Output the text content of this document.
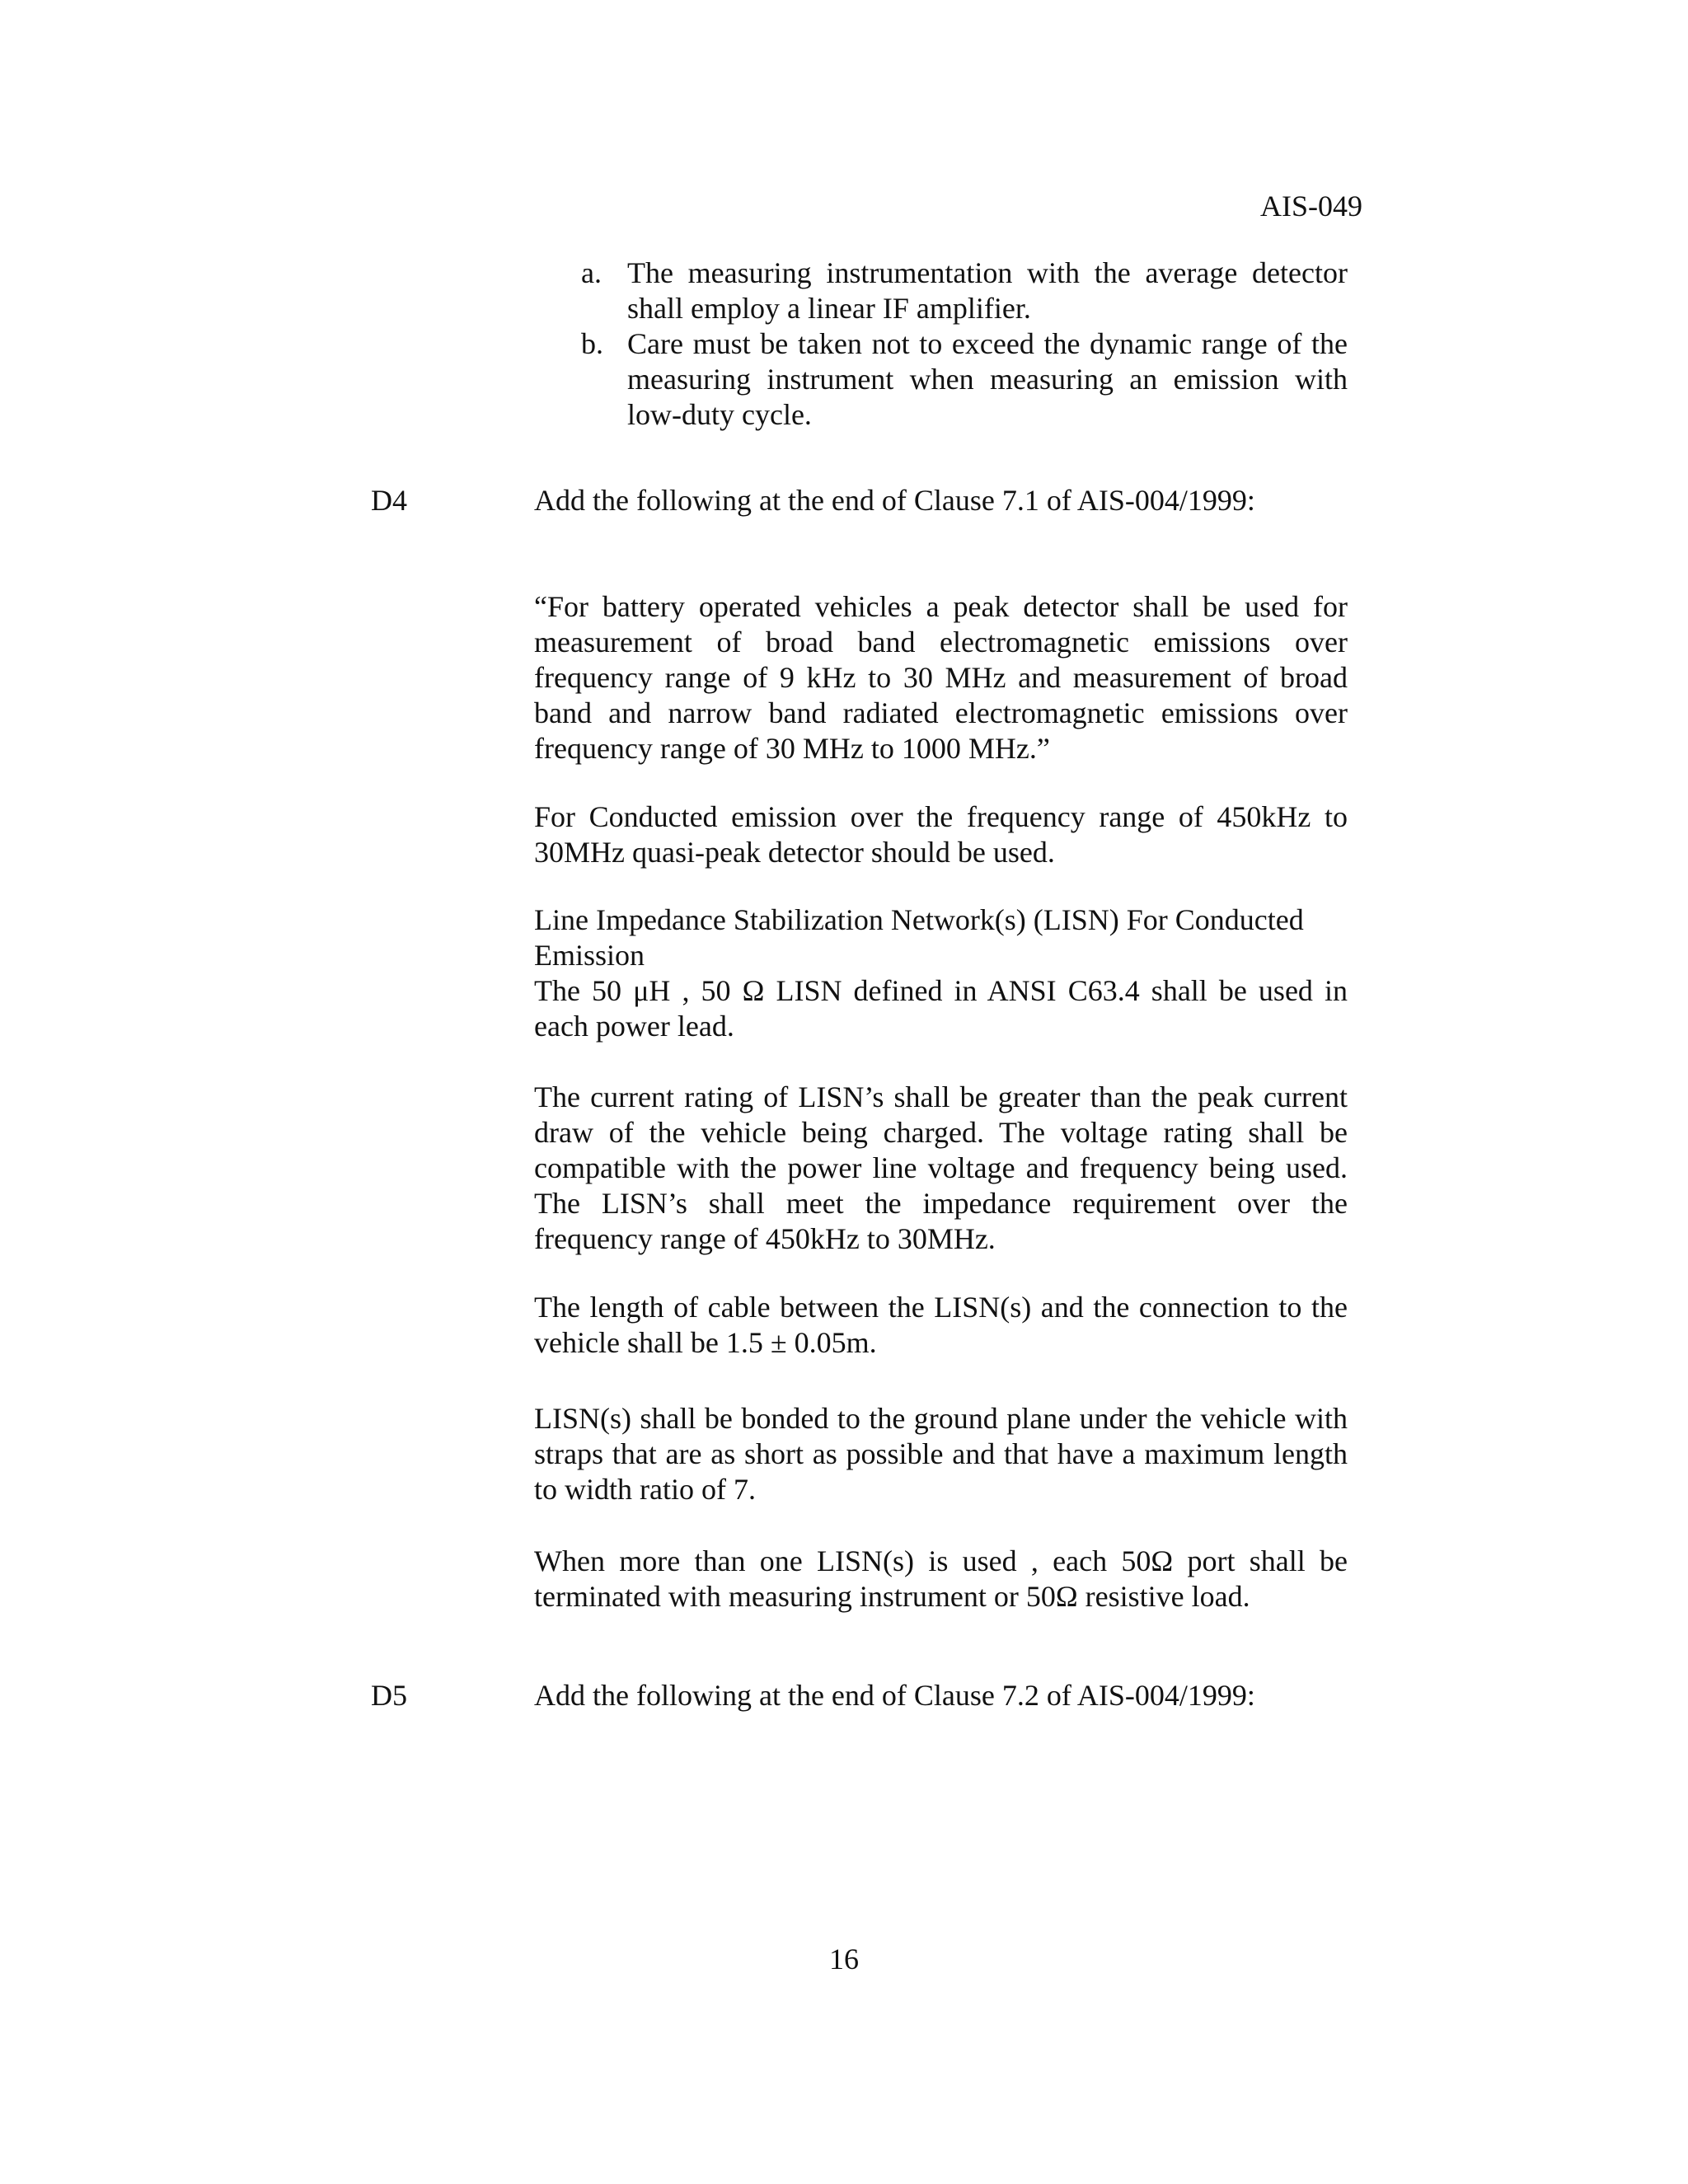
AIS-049
a. The measuring instrumentation with the average detector shall employ a linear IF amplifier.
b. Care must be taken not to exceed the dynamic range of the measuring instrument when measuring an emission with low-duty cycle.
D4	Add the following at the end of Clause 7.1 of AIS-004/1999:

“For battery operated vehicles a peak detector shall be used for measurement of broad band electromagnetic emissions over frequency range of 9 kHz to 30 MHz and measurement of broad band and narrow band radiated electromagnetic emissions over frequency range of 30 MHz to 1000 MHz.”

For Conducted emission over the frequency range of 450kHz to 30MHz quasi-peak detector should be used.

Line Impedance Stabilization Network(s) (LISN) For Conducted Emission

The 50 μH , 50 Ω LISN defined in ANSI C63.4 shall be used in each power lead.

The current rating of LISN’s shall be greater than the peak current draw of the vehicle being charged. The voltage rating shall be compatible with the power line voltage and frequency being used. The LISN’s shall meet the impedance requirement over the frequency range of 450kHz to 30MHz.

The length of cable between the LISN(s) and the connection to the vehicle shall be 1.5 ± 0.05m.

LISN(s) shall be bonded to the ground plane under the vehicle with straps that are as short as possible and that have a maximum length to width ratio of 7.

When more than one LISN(s) is used , each 50Ω port shall be terminated with measuring instrument or 50Ω resistive load.

D5	Add the following at the end of Clause 7.2 of AIS-004/1999:
16
